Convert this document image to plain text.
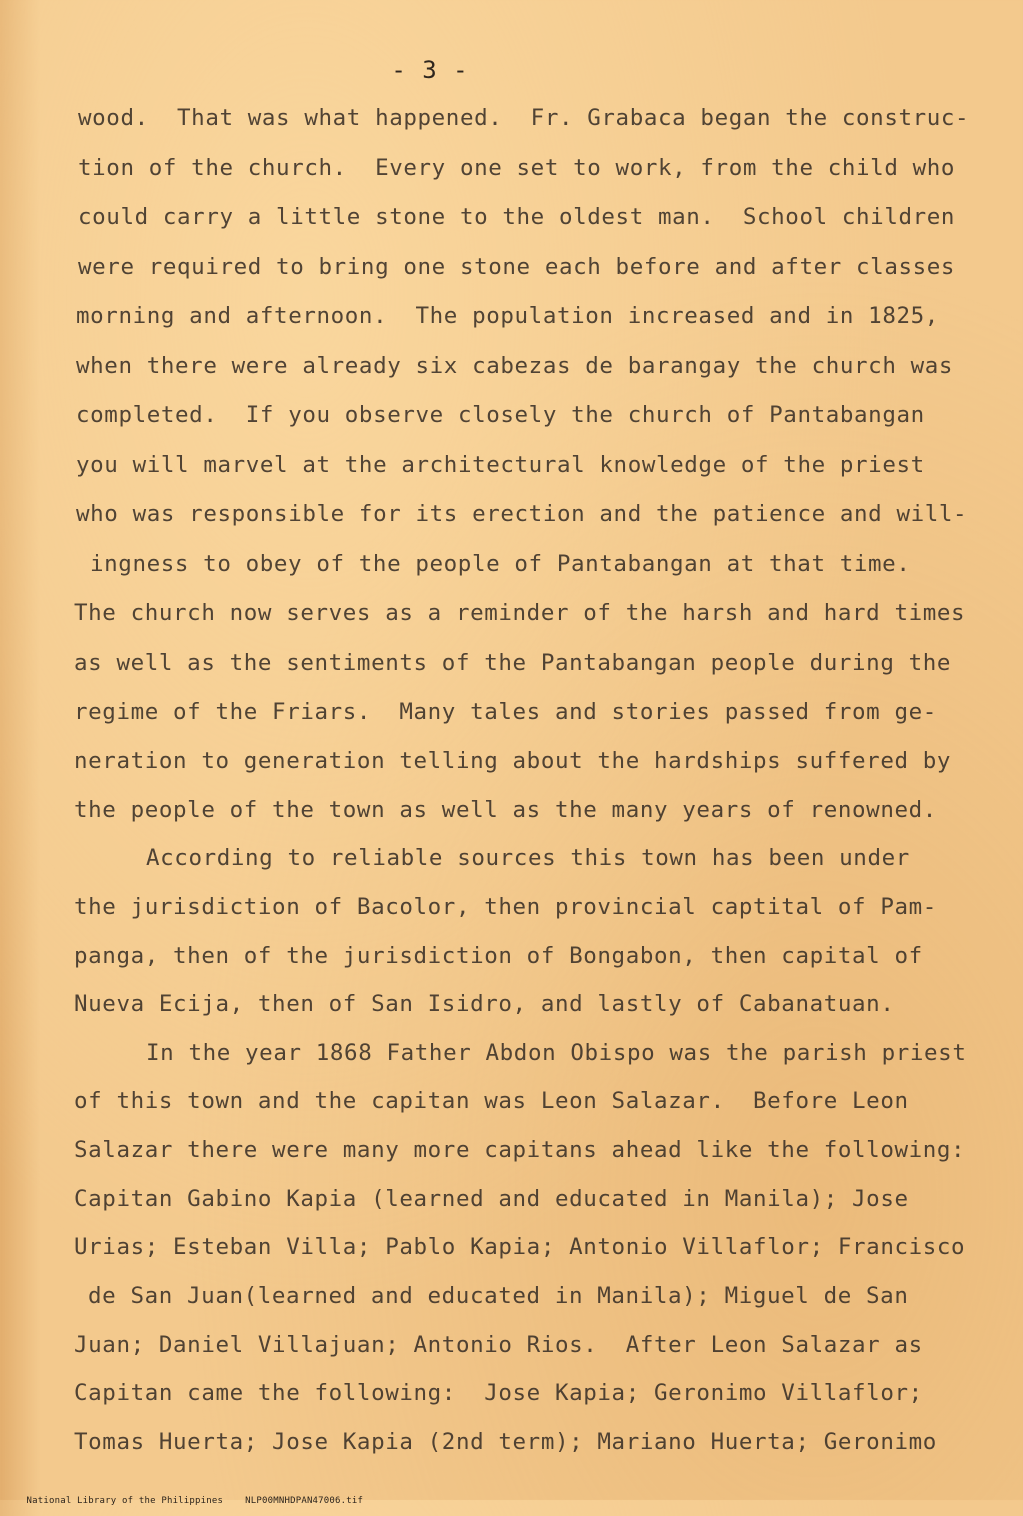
- 3 -
wood.  That was what happened.  Fr. Grabaca began the construc-
tion of the church.  Every one set to work, from the child who
could carry a little stone to the oldest man.  School children
were required to bring one stone each before and after classes
morning and afternoon.  The population increased and in 1825,
when there were already six cabezas de barangay the church was
completed.  If you observe closely the church of Pantabangan
you will marvel at the architectural knowledge of the priest
who was responsible for its erection and the patience and will-
ingness to obey of the people of Pantabangan at that time.
The church now serves as a reminder of the harsh and hard times
as well as the sentiments of the Pantabangan people during the
regime of the Friars.  Many tales and stories passed from ge-
neration to generation telling about the hardships suffered by
the people of the town as well as the many years of renowned.
According to reliable sources this town has been under
the jurisdiction of Bacolor, then provincial captital of Pam-
panga, then of the jurisdiction of Bongabon, then capital of
Nueva Ecija, then of San Isidro, and lastly of Cabanatuan.
In the year 1868 Father Abdon Obispo was the parish priest
of this town and the capitan was Leon Salazar.  Before Leon
Salazar there were many more capitans ahead like the following:
Capitan Gabino Kapia (learned and educated in Manila); Jose
Urias; Esteban Villa; Pablo Kapia; Antonio Villaflor; Francisco
de San Juan(learned and educated in Manila); Miguel de San
Juan; Daniel Villajuan; Antonio Rios.  After Leon Salazar as
Capitan came the following:  Jose Kapia; Geronimo Villaflor;
Tomas Huerta; Jose Kapia (2nd term); Mariano Huerta; Geronimo

National Library of the Philippines NLP00MNHDPAN47006.tif
